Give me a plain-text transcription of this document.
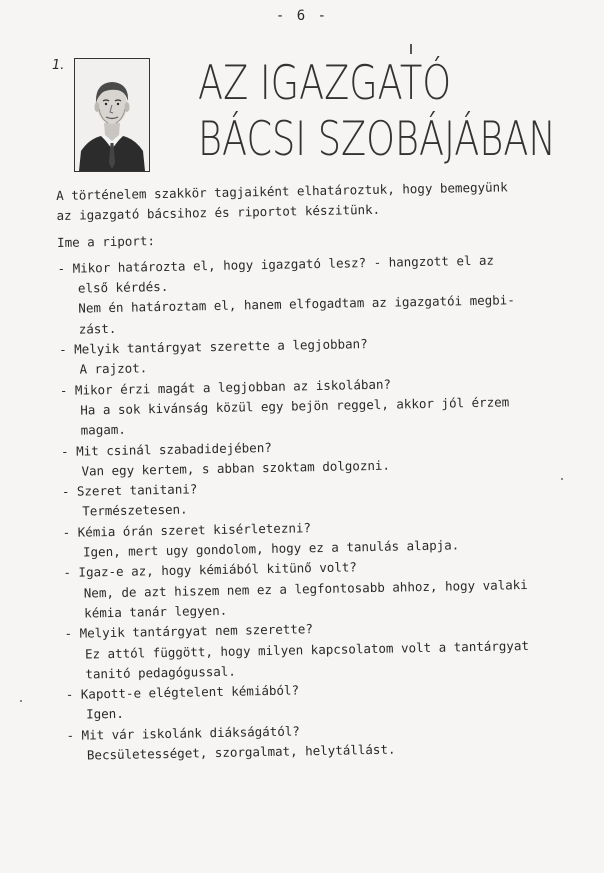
- 6 -
1.	AZ IGAZGATÓ
BÁCSI SZOBÁJÁBAN
A történelem szakkör tagjaiként elhatároztuk, hogy bemegyünk
az igazgató bácsihoz és riportot készitünk.
Ime a riport:
- Mikor határozta el, hogy igazgató lesz? - hangzott el az
első kérdés.
Nem én határoztam el, hanem elfogadtam az igazgatói megbi-
zást.
- Melyik tantárgyat szerette a legjobban?
A rajzot.
- Mikor érzi magát a legjobban az iskolában?
Ha a sok kivánság közül egy bejön reggel, akkor jól érzem
magam.
- Mit csinál szabadidejében?
Van egy kertem, s abban szoktam dolgozni.
- Szeret tanitani?
Természetesen.
- Kémia órán szeret kisérletezni?
Igen, mert ugy gondolom, hogy ez a tanulás alapja.
- Igaz-e az, hogy kémiából kitünő volt?
Nem, de azt hiszem nem ez a legfontosabb ahhoz, hogy valaki
kémia tanár legyen.
- Melyik tantárgyat nem szerette?
Ez attól függött, hogy milyen kapcsolatom volt a tantárgyat
tanitó pedagógussal.
- Kapott-e elégtelent kémiából?
Igen.
- Mit vár iskolánk diákságától?
Becsületességet, szorgalmat, helytállást.
